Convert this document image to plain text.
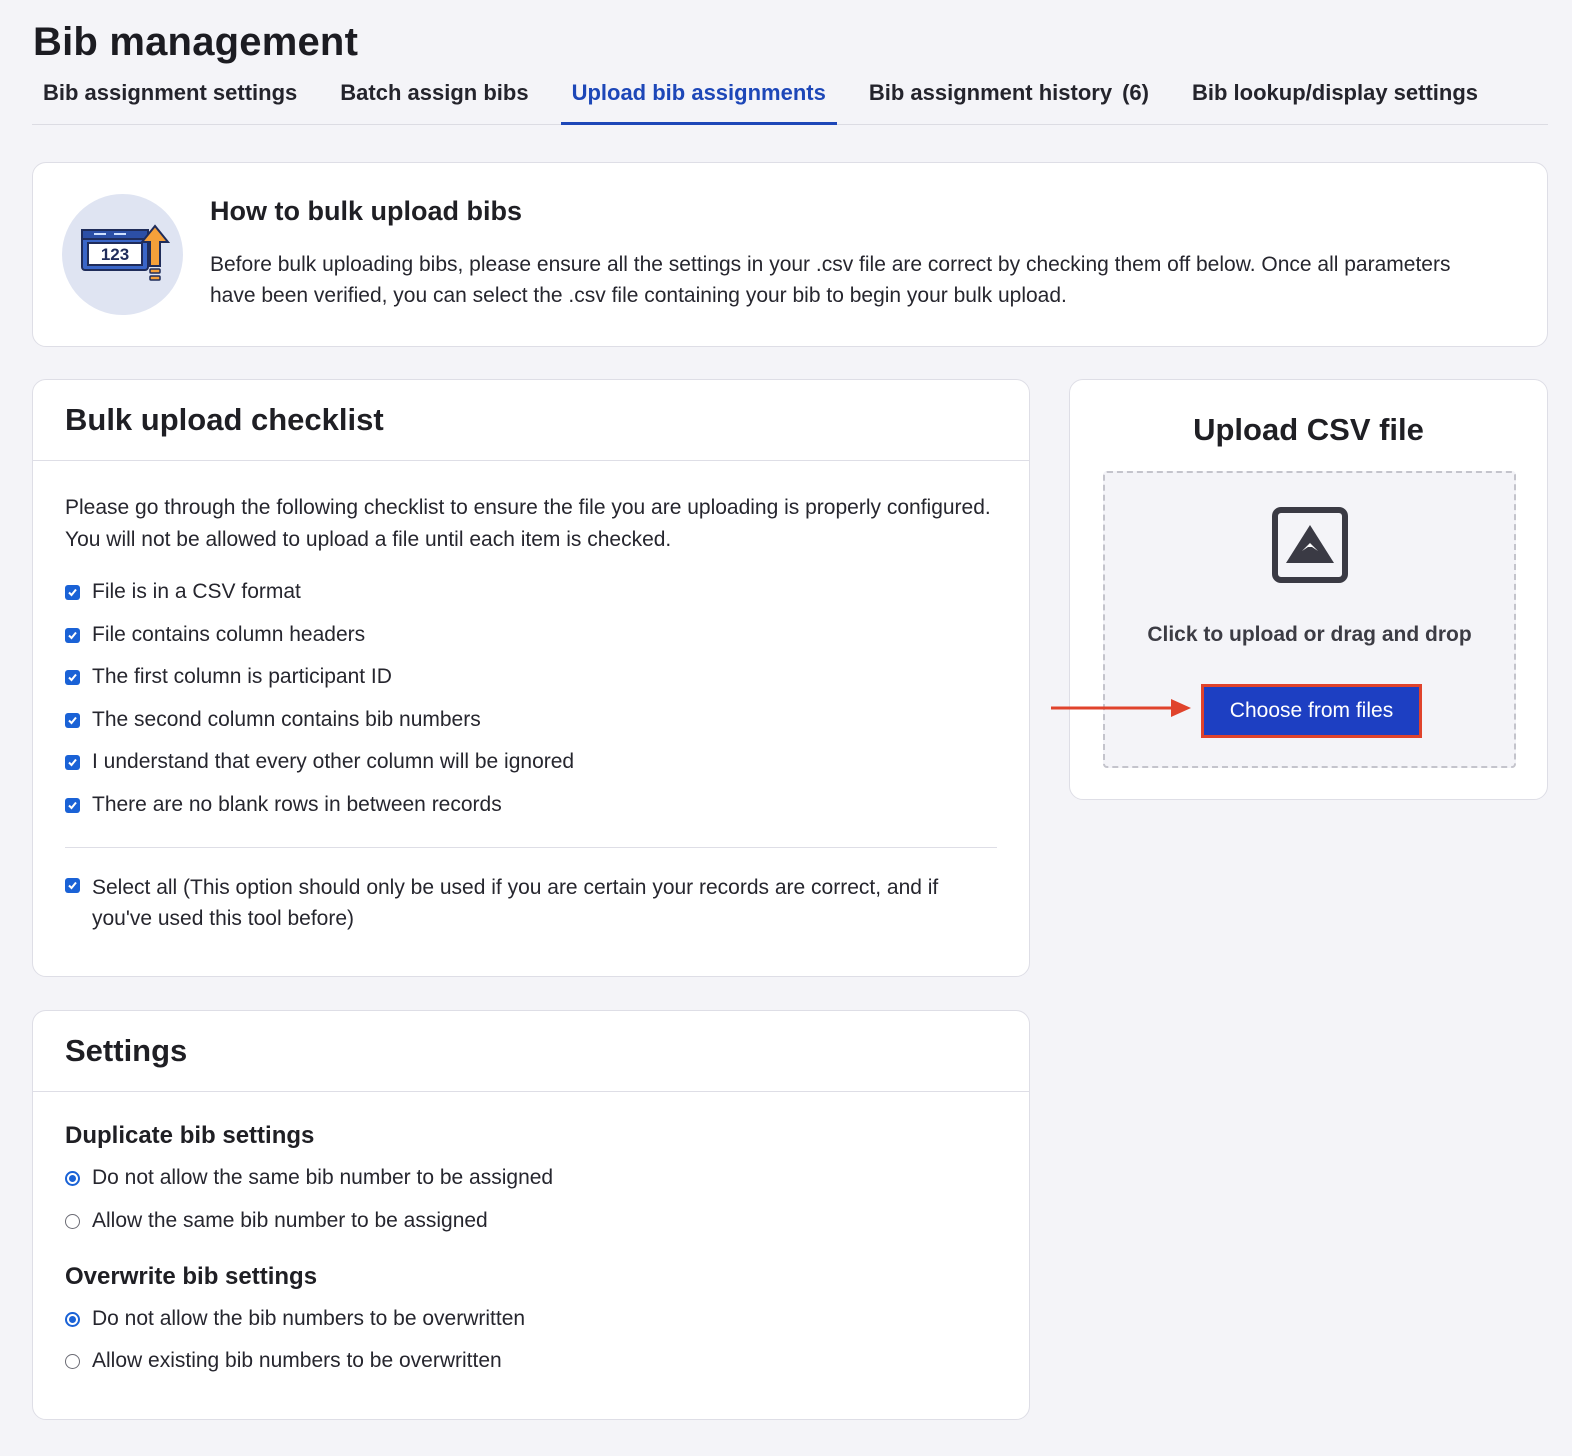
Bib management
Bib assignment settings Batch assign bibs Upload bib assignments Bib assignment history (6) Bib lookup/display settings
123
How to bulk upload bibs

Before bulk uploading bibs, please ensure all the settings in your .csv file are correct by checking them off below. Once all parameters have been verified, you can select the .csv file containing your bib to begin your bulk upload.

Bulk upload checklist

Please go through the following checklist to ensure the file you are uploading is properly configured. You will not be allowed to upload a file until each item is checked.

File is in a CSV format
File contains column headers
The first column is participant ID
The second column contains bib numbers
I understand that every other column will be ignored
There are no blank rows in between records
Select all (This option should only be used if you are certain your records are correct, and if you've used this tool before)
Settings
Duplicate bib settings
Do not allow the same bib number to be assigned
Allow the same bib number to be assigned
Overwrite bib settings
Do not allow the bib numbers to be overwritten
Allow existing bib numbers to be overwritten
Upload CSV file
Click to upload or drag and drop
Choose from files
